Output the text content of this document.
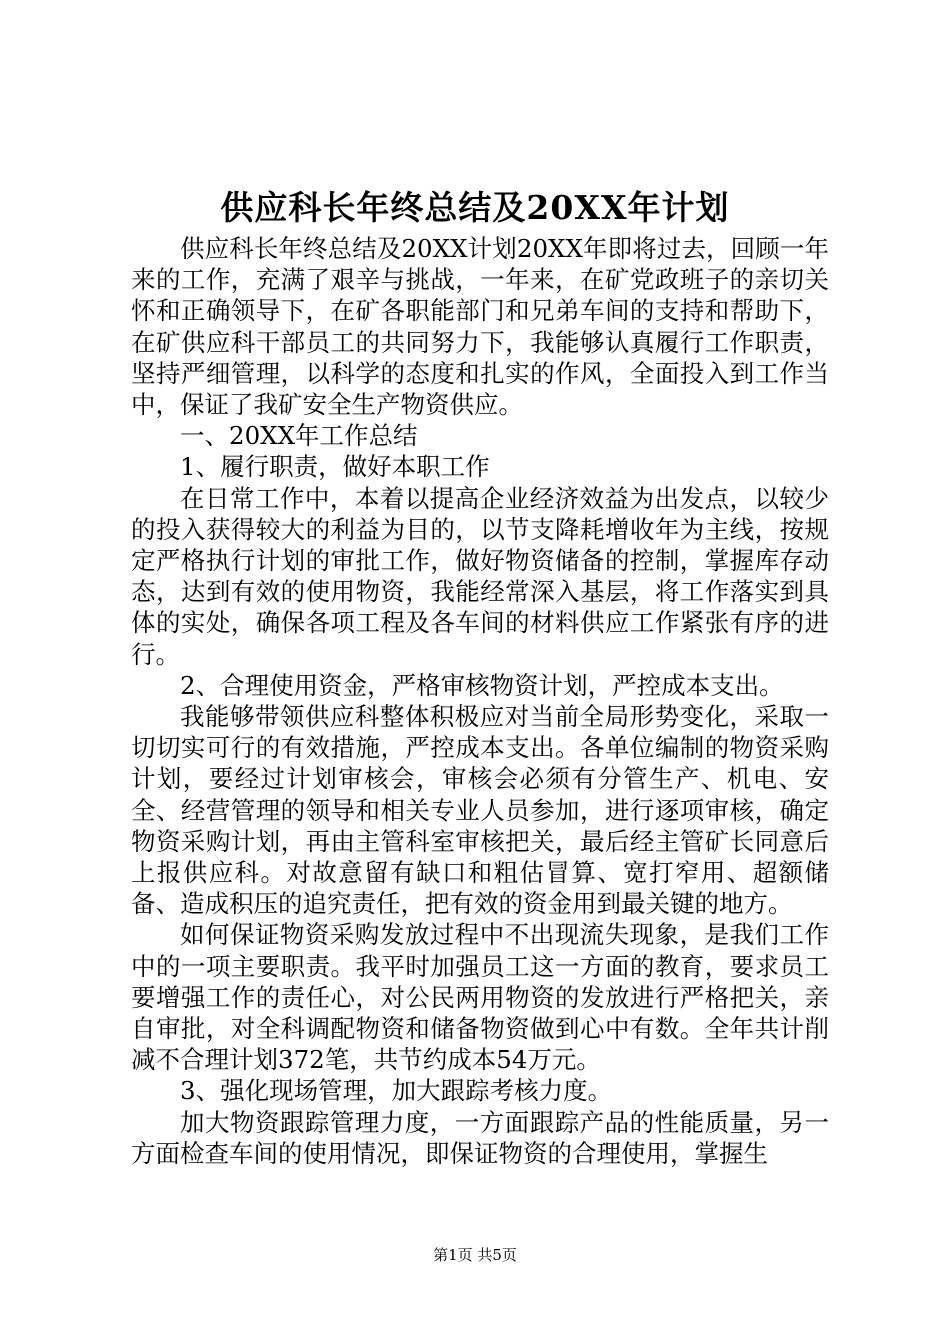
供应科长年终总结及20XX年计划

供应科长年终总结及20XX计划20XX年即将过去，回顾一年来的工作，充满了艰辛与挑战，一年来，在矿党政班子的亲切关怀和正确领导下，在矿各职能部门和兄弟车间的支持和帮助下，在矿供应科干部员工的共同努力下，我能够认真履行工作职责，坚持严细管理，以科学的态度和扎实的作风，全面投入到工作当中，保证了我矿安全生产物资供应。

一、20XX年工作总结

1、履行职责，做好本职工作

在日常工作中，本着以提高企业经济效益为出发点，以较少的投入获得较大的利益为目的，以节支降耗增收年为主线，按规定严格执行计划的审批工作，做好物资储备的控制，掌握库存动态，达到有效的使用物资，我能经常深入基层，将工作落实到具体的实处，确保各项工程及各车间的材料供应工作紧张有序的进行。

2、合理使用资金，严格审核物资计划，严控成本支出。

我能够带领供应科整体积极应对当前全局形势变化，采取一切切实可行的有效措施，严控成本支出。各单位编制的物资采购计划，要经过计划审核会，审核会必须有分管生产、机电、安全、经营管理的领导和相关专业人员参加，进行逐项审核，确定物资采购计划，再由主管科室审核把关，最后经主管矿长同意后上报供应科。对故意留有缺口和粗估冒算、宽打窄用、超额储备、造成积压的追究责任，把有效的资金用到最关键的地方。

如何保证物资采购发放过程中不出现流失现象，是我们工作中的一项主要职责。我平时加强员工这一方面的教育，要求员工要增强工作的责任心，对公民两用物资的发放进行严格把关，亲自审批，对全科调配物资和储备物资做到心中有数。全年共计削减不合理计划372笔，共节约成本54万元。

3、强化现场管理，加大跟踪考核力度。

加大物资跟踪管理力度，一方面跟踪产品的性能质量，另一方面检查车间的使用情况，即保证物资的合理使用，掌握生

第1页 共5页
